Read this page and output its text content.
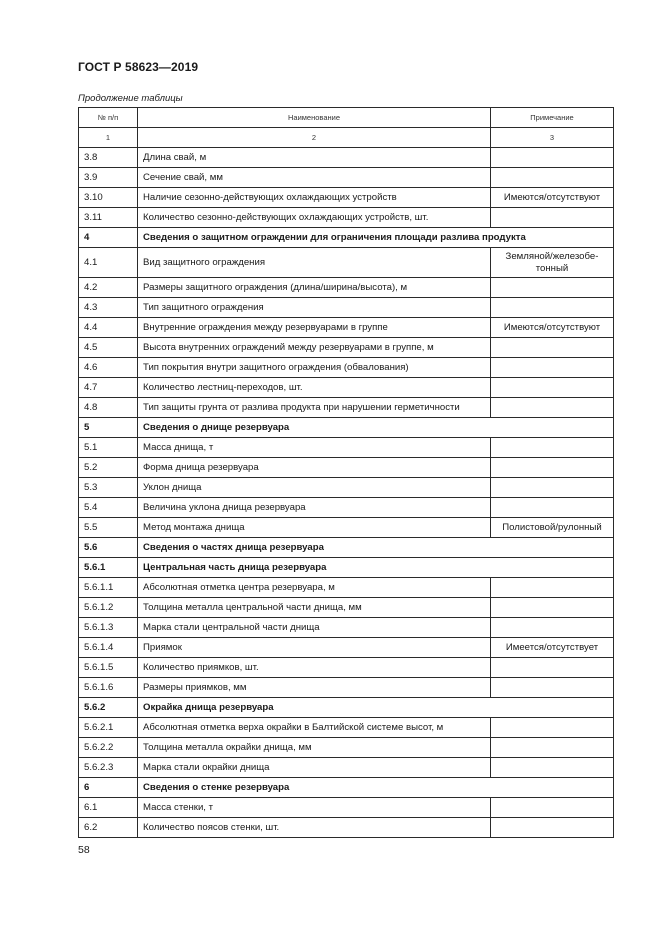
ГОСТ Р 58623—2019
Продолжение таблицы
№ п/п	Наименование	Примечание
1	2	3
3.8	Длина свай, м	
3.9	Сечение свай, мм	
3.10	Наличие сезонно-действующих охлаждающих устройств	Имеются/отсутствуют
3.11	Количество сезонно-действующих охлаждающих устройств, шт.	
4	Сведения о защитном ограждении для ограничения площади разлива продукта	
4.1	Вид защитного ограждения	Земляной/железобе-тонный
4.2	Размеры защитного ограждения (длина/ширина/высота), м	
4.3	Тип защитного ограждения	
4.4	Внутренние ограждения между резервуарами в группе	Имеются/отсутствуют
4.5	Высота внутренних ограждений между резервуарами в группе, м	
4.6	Тип покрытия внутри защитного ограждения (обвалования)	
4.7	Количество лестниц-переходов, шт.	
4.8	Тип защиты грунта от разлива продукта при нарушении герметичности	
5	Сведения о днище резервуара	
5.1	Масса днища, т	
5.2	Форма днища резервуара	
5.3	Уклон днища	
5.4	Величина уклона днища резервуара	
5.5	Метод монтажа днища	Полистовой/рулонный
5.6	Сведения о частях днища резервуара	
5.6.1	Центральная часть днища резервуара	
5.6.1.1	Абсолютная отметка центра резервуара, м	
5.6.1.2	Толщина металла центральной части днища, мм	
5.6.1.3	Марка стали центральной части днища	
5.6.1.4	Приямок	Имеется/отсутствует
5.6.1.5	Количество приямков, шт.	
5.6.1.6	Размеры приямков, мм	
5.6.2	Окрайка днища резервуара	
5.6.2.1	Абсолютная отметка верха окрайки в Балтийской системе высот, м	
5.6.2.2	Толщина металла окрайки днища, мм	
5.6.2.3	Марка стали окрайки днища	
6	Сведения о стенке резервуара	
6.1	Масса стенки, т	
6.2	Количество поясов стенки, шт.	
58
